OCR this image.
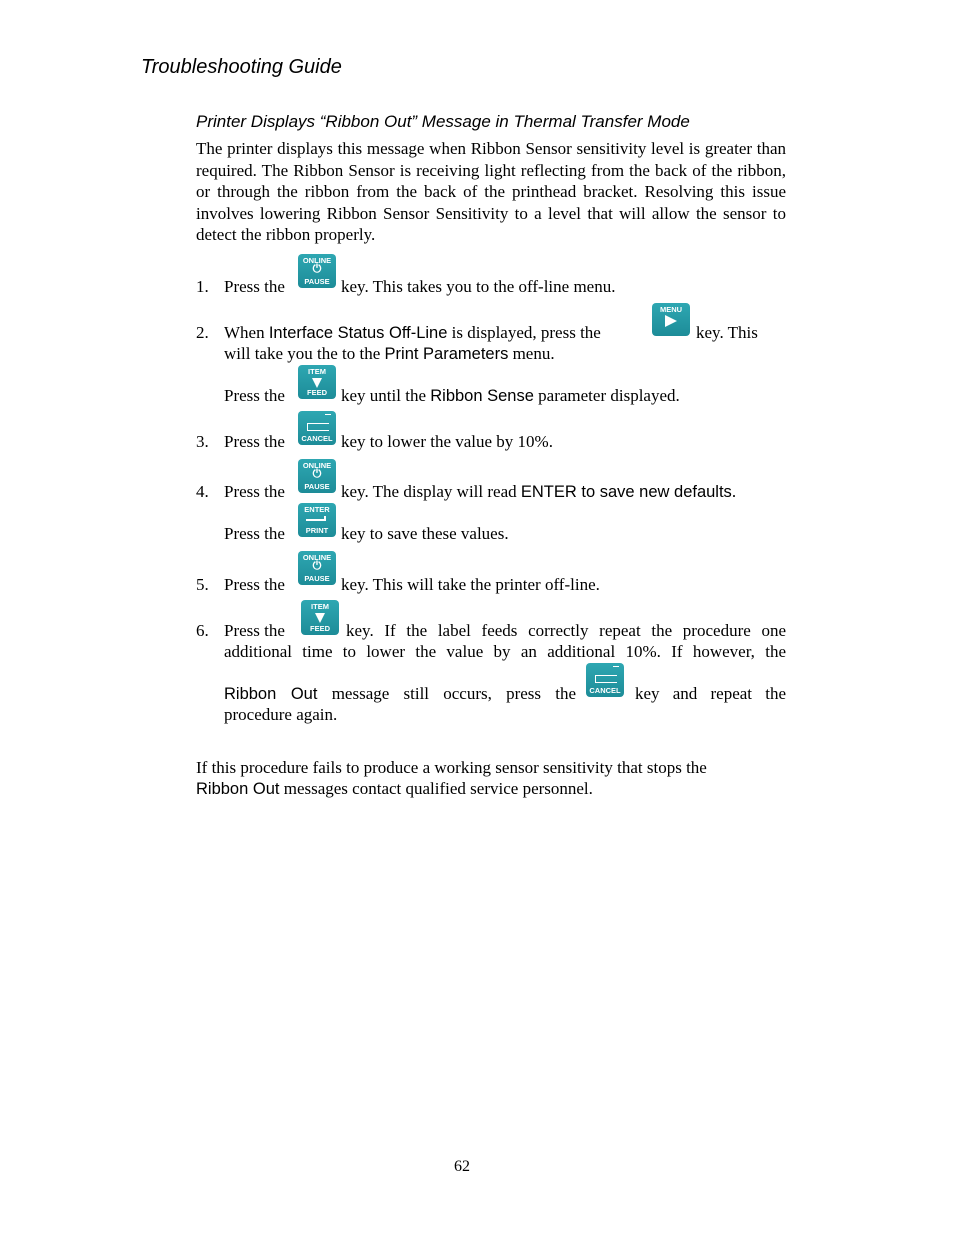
Troubleshooting Guide
Printer Displays “Ribbon Out” Message in Thermal Transfer Mode

The printer displays this message when Ribbon Sensor sensitivity level is greater than required. The Ribbon Sensor is receiving light reflecting from the back of the ribbon, or through the ribbon from the back of the printhead bracket. Resolving this issue involves lowering Ribbon Sensor Sensitivity to a level that will allow the sensor to detect the ribbon properly.

1. Press the
ONLINE
⏻
PAUSE key. This takes you to the off-line menu.
2. When Interface Status Off-Line is displayed, press the
MENU
key. This
will take you the to the Print Parameters menu.
Press the
ITEM
FEED key until the Ribbon Sense parameter displayed.
3. Press the	CANCEL key to lower the value by 10%.
4. Press the
ONLINE
⏻
PAUSE key. The display will read ENTER to save new defaults.
Press the
ENTER
PRINT key to save these values.
5. Press the
ONLINE
⏻
PAUSE key. This will take the printer off-line.
6. Press the
ITEM
FEED key. If the label feeds correctly repeat the procedure one
additional time to lower the value by an additional 10%. If however, the
Ribbon Out message still occurs, press the	CANCEL key and repeat the
procedure again.
If this procedure fails to produce a working sensor sensitivity that stops the
Ribbon Out messages contact qualified service personnel.
62
